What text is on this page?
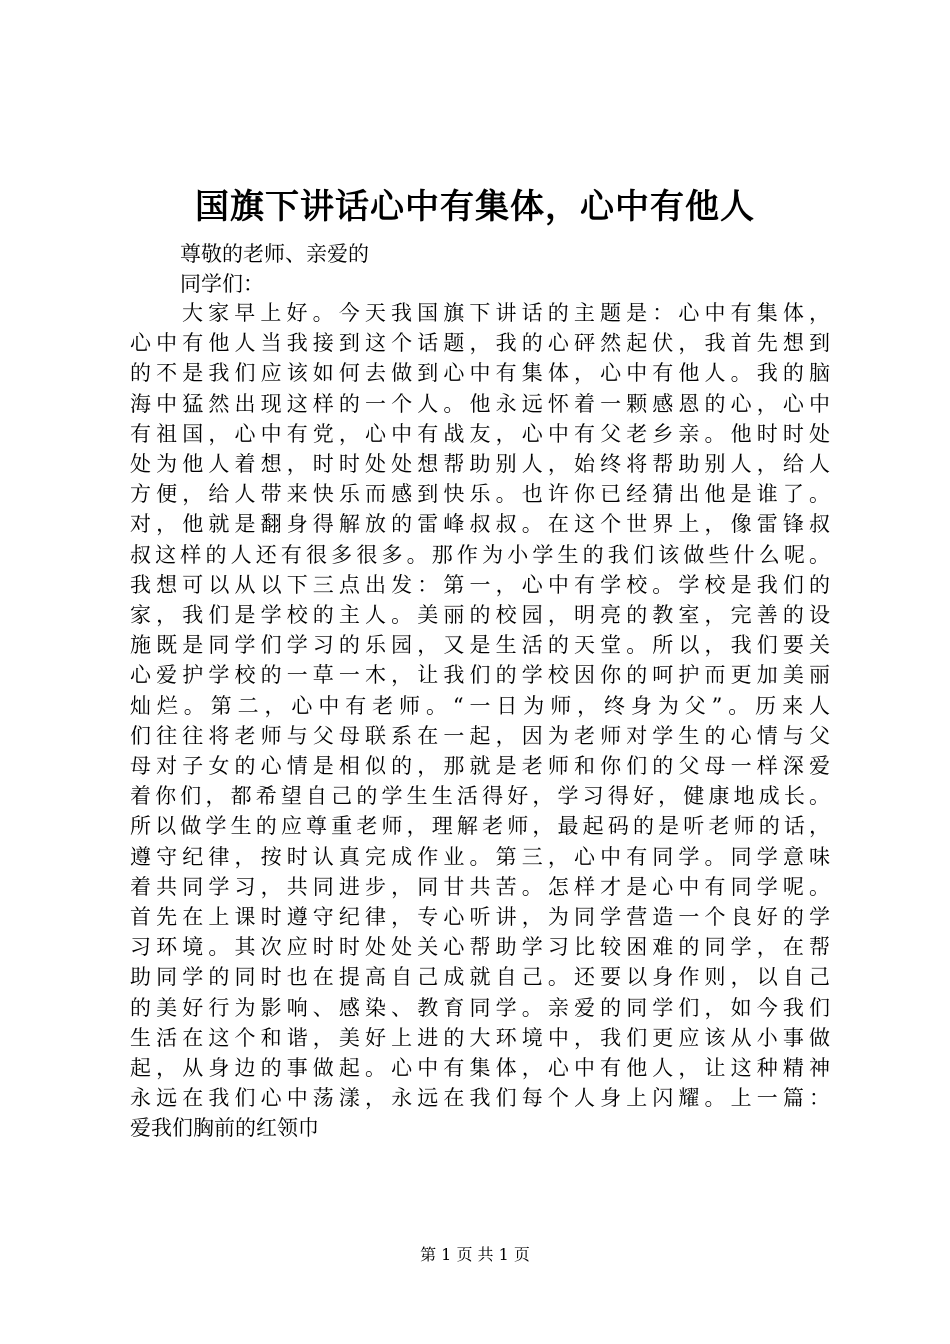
国旗下讲话心中有集体，心中有他人
尊敬的老师、亲爱的
同学们：
大家早上好。今天我国旗下讲话的主题是：心中有集体，
心中有他人当我接到这个话题，我的心砰然起伏，我首先想到
的不是我们应该如何去做到心中有集体，心中有他人。我的脑
海中猛然出现这样的一个人。他永远怀着一颗感恩的心，心中
有祖国，心中有党，心中有战友，心中有父老乡亲。他时时处
处为他人着想，时时处处想帮助别人，始终将帮助别人，给人
方便，给人带来快乐而感到快乐。也许你已经猜出他是谁了。
对，他就是翻身得解放的雷峰叔叔。在这个世界上，像雷锋叔
叔这样的人还有很多很多。那作为小学生的我们该做些什么呢。
我想可以从以下三点出发：第一，心中有学校。学校是我们的
家，我们是学校的主人。美丽的校园，明亮的教室，完善的设
施既是同学们学习的乐园，又是生活的天堂。所以，我们要关
心爱护学校的一草一木，让我们的学校因你的呵护而更加美丽
灿烂。第二，心中有老师。“一日为师，终身为父”。历来人
们往往将老师与父母联系在一起，因为老师对学生的心情与父
母对子女的心情是相似的，那就是老师和你们的父母一样深爱
着你们，都希望自己的学生生活得好，学习得好，健康地成长。
所以做学生的应尊重老师，理解老师，最起码的是听老师的话，
遵守纪律，按时认真完成作业。第三，心中有同学。同学意味
着共同学习，共同进步，同甘共苦。怎样才是心中有同学呢。
首先在上课时遵守纪律，专心听讲，为同学营造一个良好的学
习环境。其次应时时处处关心帮助学习比较困难的同学，在帮
助同学的同时也在提高自己成就自己。还要以身作则，以自己
的美好行为影响、感染、教育同学。亲爱的同学们，如今我们
生活在这个和谐，美好上进的大环境中，我们更应该从小事做
起，从身边的事做起。心中有集体，心中有他人，让这种精神
永远在我们心中荡漾，永远在我们每个人身上闪耀。上一篇：
爱我们胸前的红领巾
第 1 页 共 1 页
